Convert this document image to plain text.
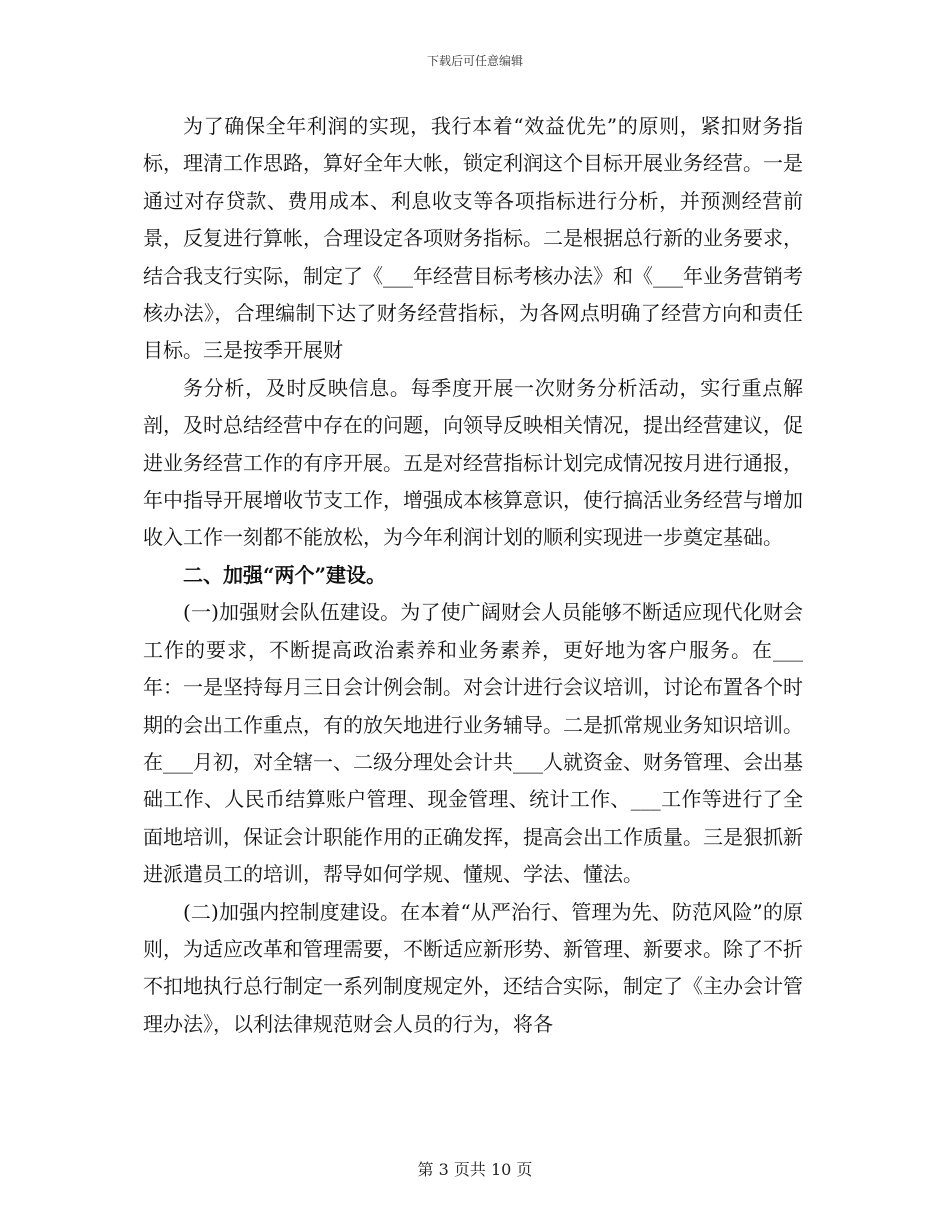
下载后可任意编辑

为了确保全年利润的实现，我行本着“效益优先”的原则，紧扣财务指标，理清工作思路，算好全年大帐，锁定利润这个目标开展业务经营。一是通过对存贷款、费用成本、利息收支等各项指标进行分析，并预测经营前景，反复进行算帐，合理设定各项财务指标。二是根据总行新的业务要求，结合我支行实际，制定了《___年经营目标考核办法》和《___年业务营销考核办法》，合理编制下达了财务经营指标，为各网点明确了经营方向和责任目标。三是按季开展财

务分析，及时反映信息。每季度开展一次财务分析活动，实行重点解剖，及时总结经营中存在的问题，向领导反映相关情况，提出经营建议，促进业务经营工作的有序开展。五是对经营指标计划完成情况按月进行通报，年中指导开展增收节支工作，增强成本核算意识，使行搞活业务经营与增加收入工作一刻都不能放松，为今年利润计划的顺利实现进一步奠定基础。

二、加强“两个”建设。

(一)加强财会队伍建设。为了使广阔财会人员能够不断适应现代化财会工作的要求，不断提高政治素养和业务素养，更好地为客户服务。在___年：一是坚持每月三日会计例会制。对会计进行会议培训，讨论布置各个时期的会出工作重点，有的放矢地进行业务辅导。二是抓常规业务知识培训。在___月初，对全辖一、二级分理处会计共___人就资金、财务管理、会出基础工作、人民币结算账户管理、现金管理、统计工作、___工作等进行了全面地培训，保证会计职能作用的正确发挥，提高会出工作质量。三是狠抓新进派遣员工的培训，帮导如何学规、懂规、学法、懂法。

(二)加强内控制度建设。在本着“从严治行、管理为先、防范风险”的原则，为适应改革和管理需要，不断适应新形势、新管理、新要求。除了不折不扣地执行总行制定一系列制度规定外，还结合实际，制定了《主办会计管理办法》，以利法律规范财会人员的行为，将各

第 3 页共 10 页
